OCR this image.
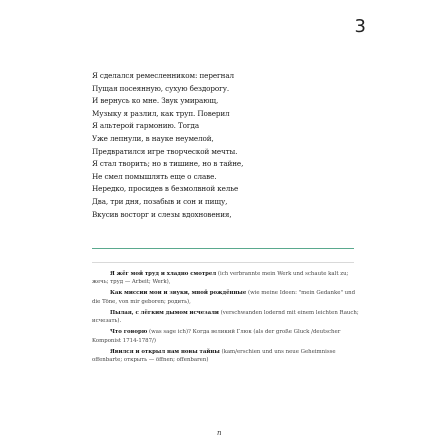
3
Я сделался ремесленником: перегнал
Пущая посеянную, сухую бездорогу.
И вернусь ко мне. Звук умирающ,
Музыку я разлил, как труп. Поверил
Я альтерой гармонию. Тогда
Уже лепнули, в науке неумелой,
Предвратился игре творческой мечты.
Я стал творить; но в тишине, но в тайне,
Не смел помышлять еще о славе.
Нередко, просидев в безмолвной келье
Два, три дня, позабыв и сон и пищу,
Вкусив восторг и слезы вдохновения,
Я жёг мой труд и хладно смотрел (ich verbrannte mein Werk und schaute kalt zu; жечь; труд — Arbeit; Werk),
Как миссии мои и звуки, мной рождённые (wie meine Ideen: "mein Gedanke" und die Töne, von mir geboren; родить),
Пылая, с лёгким дымом исчезали (verschwanden lodernd mit einem leichten Rauch; исчезать).
Что говорю (was sage ich)? Когда великий Глюк (als der große Gluck /deutscher Komponist 1714-1787/)
Явился и открыл нам новы тайны (kam/erschien und uns neue Geheimnisse offenbarte; открыть — öffnen; offenbaren)
п
